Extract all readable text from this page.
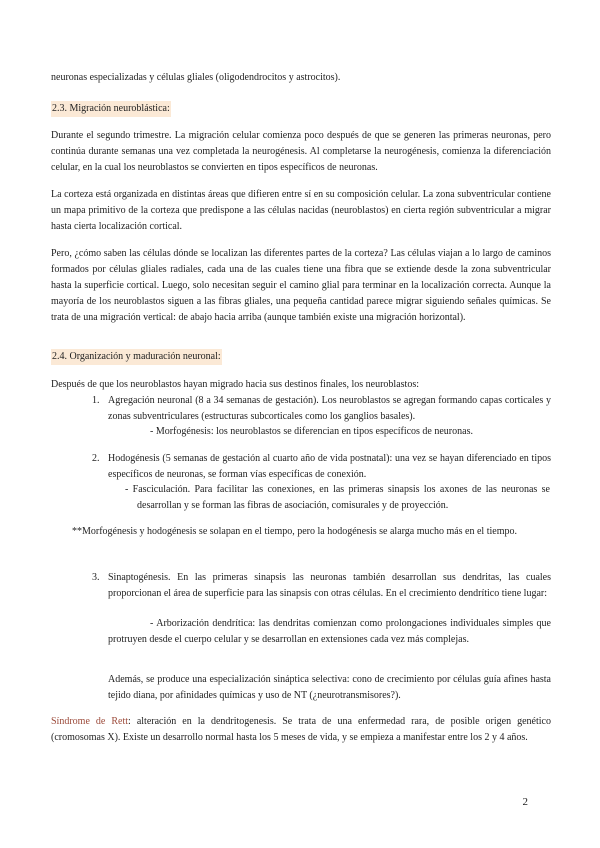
neuronas especializadas y células gliales (oligodendrocitos y astrocitos).

2.3. Migración neuroblástica:

Durante el segundo trimestre. La migración celular comienza poco después de que se generen las primeras neuronas, pero continúa durante semanas una vez completada la neurogénesis. Al completarse la neurogénesis, comienza la diferenciación celular, en la cual los neuroblastos se convierten en tipos específicos de neuronas.

La corteza está organizada en distintas áreas que difieren entre sí en su composición celular. La zona subventricular contiene un mapa primitivo de la corteza que predispone a las células nacidas (neuroblastos) en cierta región subventricular a migrar hasta cierta localización cortical.

Pero, ¿cómo saben las células dónde se localizan las diferentes partes de la corteza? Las células viajan a lo largo de caminos formados por células gliales radiales, cada una de las cuales tiene una fibra que se extiende desde la zona subventricular hasta la superficie cortical. Luego, solo necesitan seguir el camino glial para terminar en la localización correcta. Aunque la mayoría de los neuroblastos siguen a las fibras gliales, una pequeña cantidad parece migrar siguiendo señales químicas. Se trata de una migración vertical: de abajo hacia arriba (aunque también existe una migración horizontal).

2.4. Organización y maduración neuronal:

Después de que los neuroblastos hayan migrado hacia sus destinos finales, los neuroblastos:

1. Agregación neuronal (8 a 34 semanas de gestación). Los neuroblastos se agregan formando capas corticales y zonas subventriculares (estructuras subcorticales como los ganglios basales).

- Morfogénesis: los neuroblastos se diferencian en tipos específicos de neuronas.

2. Hodogénesis (5 semanas de gestación al cuarto año de vida postnatal): una vez se hayan diferenciado en tipos específicos de neuronas, se forman vías específicas de conexión.

- Fasciculación. Para facilitar las conexiones, en las primeras sinapsis los axones de las neuronas se desarrollan y se forman las fibras de asociación, comisurales y de proyección.

**Morfogénesis y hodogénesis se solapan en el tiempo, pero la hodogénesis se alarga mucho más en el tiempo.

3. Sinaptogénesis. En las primeras sinapsis las neuronas también desarrollan sus dendritas, las cuales proporcionan el área de superficie para las sinapsis con otras células. En el crecimiento dendrítico tiene lugar:

- Arborización dendrítica: las dendritas comienzan como prolongaciones individuales simples que protruyen desde el cuerpo celular y se desarrollan en extensiones cada vez más complejas.

Además, se produce una especialización sináptica selectiva: cono de crecimiento por células guía afines hasta tejido diana, por afinidades químicas y uso de NT (¿neurotransmisores?).

Síndrome de Rett: alteración en la dendritogenesis. Se trata de una enfermedad rara, de posible origen genético (cromosomas X). Existe un desarrollo normal hasta los 5 meses de vida, y se empieza a manifestar entre los 2 y 4 años.

2
